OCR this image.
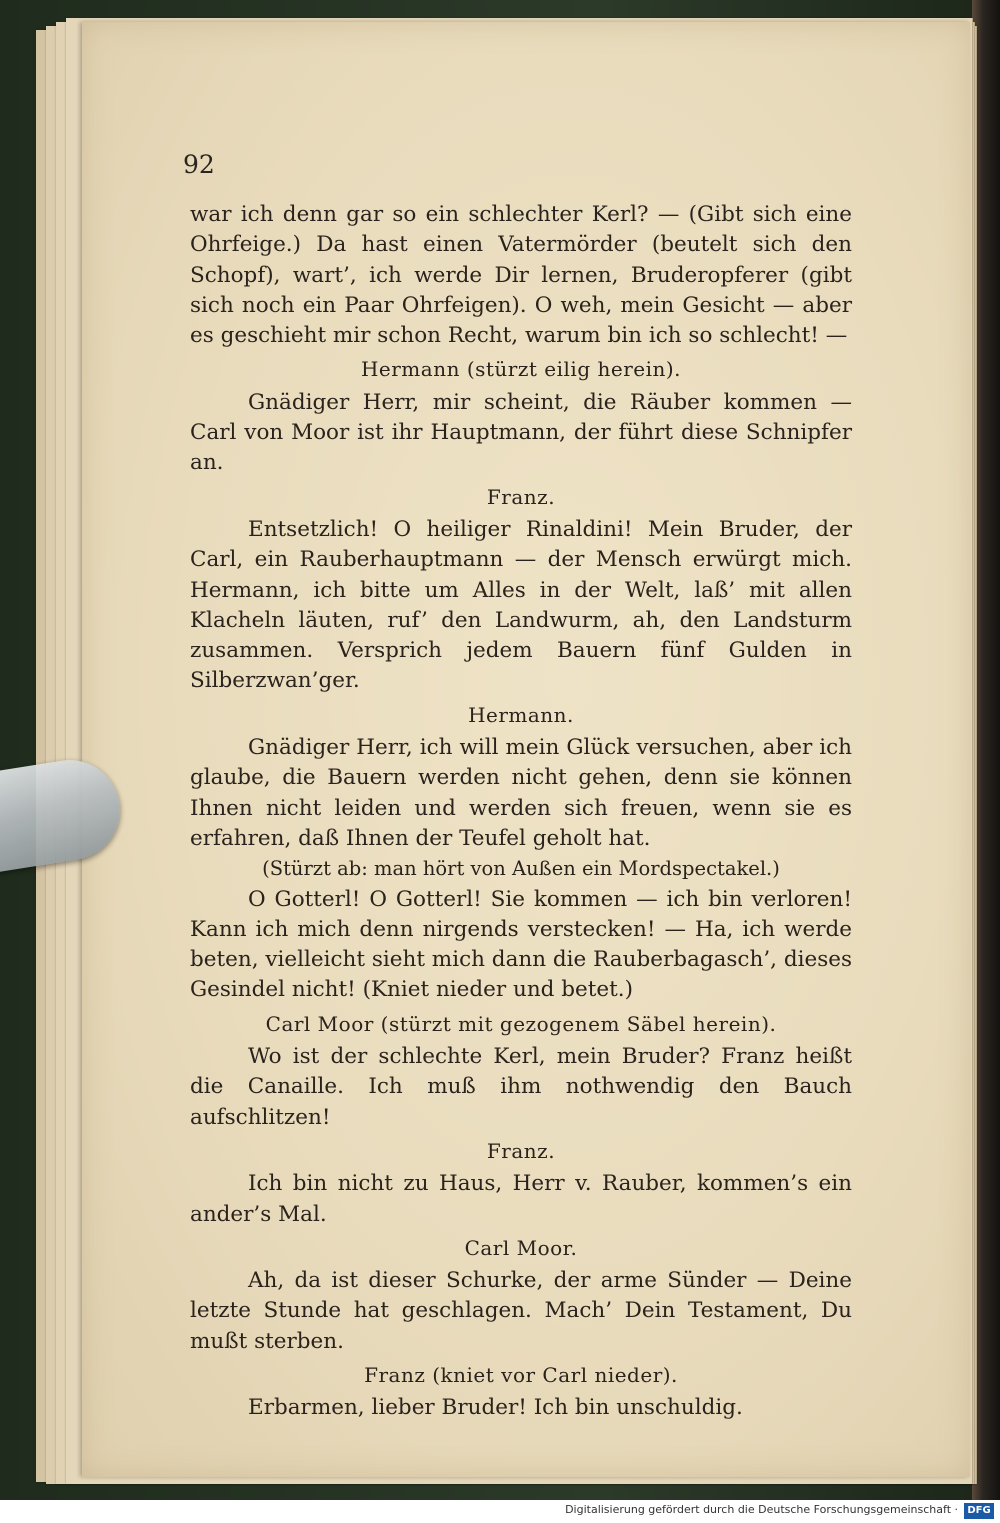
92

war ich denn gar so ein schlechter Kerl? — (Gibt sich eine Ohrfeige.) Da hast einen Vatermörder (beutelt sich den Schopf), wart’, ich werde Dir lernen, Bruderopferer (gibt sich noch ein Paar Ohrfeigen). O weh, mein Gesicht — aber es geschieht mir schon Recht, warum bin ich so schlecht! —

Hermann (stürzt eilig herein).

Gnädiger Herr, mir scheint, die Räuber kommen — Carl von Moor ist ihr Hauptmann, der führt diese Schnipfer an.

Franz.

Entsetzlich! O heiliger Rinaldini! Mein Bruder, der Carl, ein Rauberhauptmann — der Mensch erwürgt mich. Hermann, ich bitte um Alles in der Welt, laß’ mit allen Klacheln läuten, ruf’ den Landwurm, ah, den Landsturm zusammen. Versprich jedem Bauern fünf Gulden in Silberzwan’ger.

Hermann.

Gnädiger Herr, ich will mein Glück versuchen, aber ich glaube, die Bauern werden nicht gehen, denn sie können Ihnen nicht leiden und werden sich freuen, wenn sie es erfahren, daß Ihnen der Teufel geholt hat.

(Stürzt ab: man hört von Außen ein Mordspectakel.)

O Gotterl! O Gotterl! Sie kommen — ich bin verloren! Kann ich mich denn nirgends verstecken! — Ha, ich werde beten, vielleicht sieht mich dann die Rauberbagasch’, dieses Gesindel nicht! (Kniet nieder und betet.)

Carl Moor (stürzt mit gezogenem Säbel herein).

Wo ist der schlechte Kerl, mein Bruder? Franz heißt die Canaille. Ich muß ihm nothwendig den Bauch aufschlitzen!

Franz.

Ich bin nicht zu Haus, Herr v. Rauber, kommen’s ein ander’s Mal.

Carl Moor.

Ah, da ist dieser Schurke, der arme Sünder — Deine letzte Stunde hat geschlagen. Mach’ Dein Testament, Du mußt sterben.

Franz (kniet vor Carl nieder).

Erbarmen, lieber Bruder! Ich bin unschuldig.

Digitalisierung gefördert durch die Deutsche Forschungsgemeinschaft · DFG
